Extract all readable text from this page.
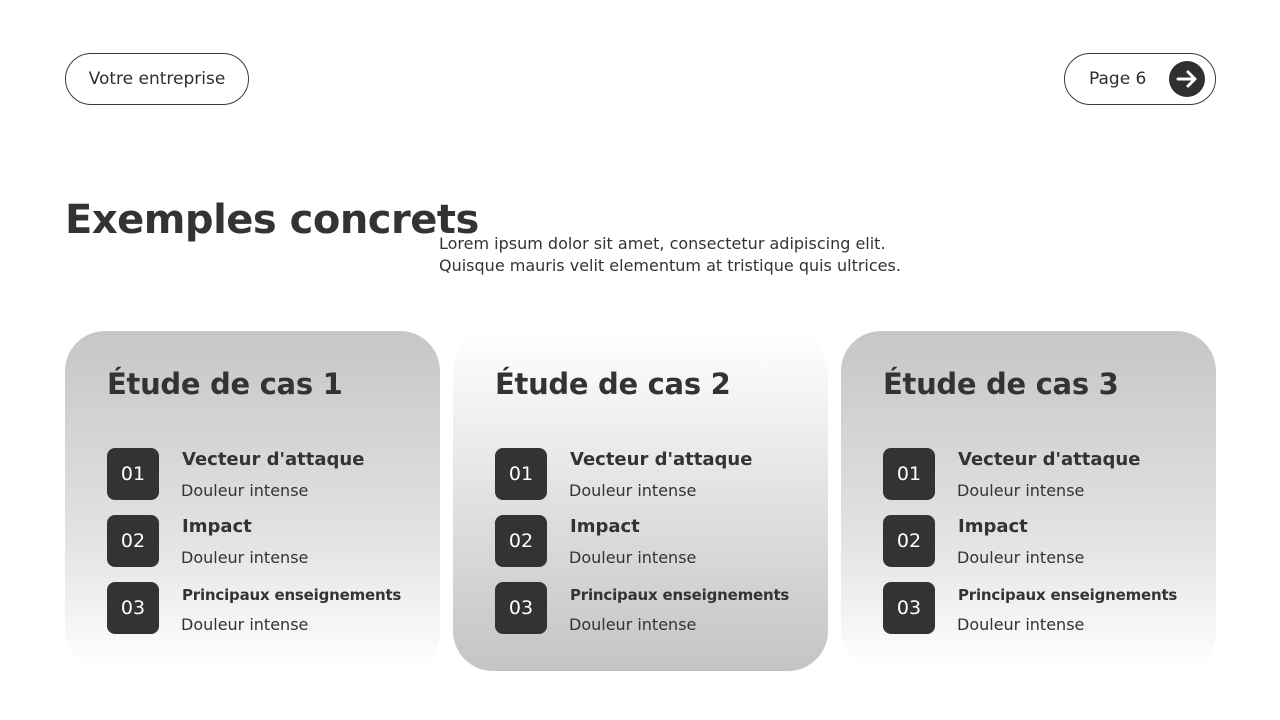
Votre entreprise	Page 6
Exemples concrets

Lorem ipsum dolor sit amet, consectetur adipiscing elit.
Quisque mauris velit elementum at tristique quis ultrices.

Étude de cas 1
01
Vecteur d'attaque
Douleur intense
02
Impact
Douleur intense
03
Principaux enseignements
Douleur intense
Étude de cas 2
01
Vecteur d'attaque
Douleur intense
02
Impact
Douleur intense
03
Principaux enseignements
Douleur intense
Étude de cas 3
01
Vecteur d'attaque
Douleur intense
02
Impact
Douleur intense
03
Principaux enseignements
Douleur intense
